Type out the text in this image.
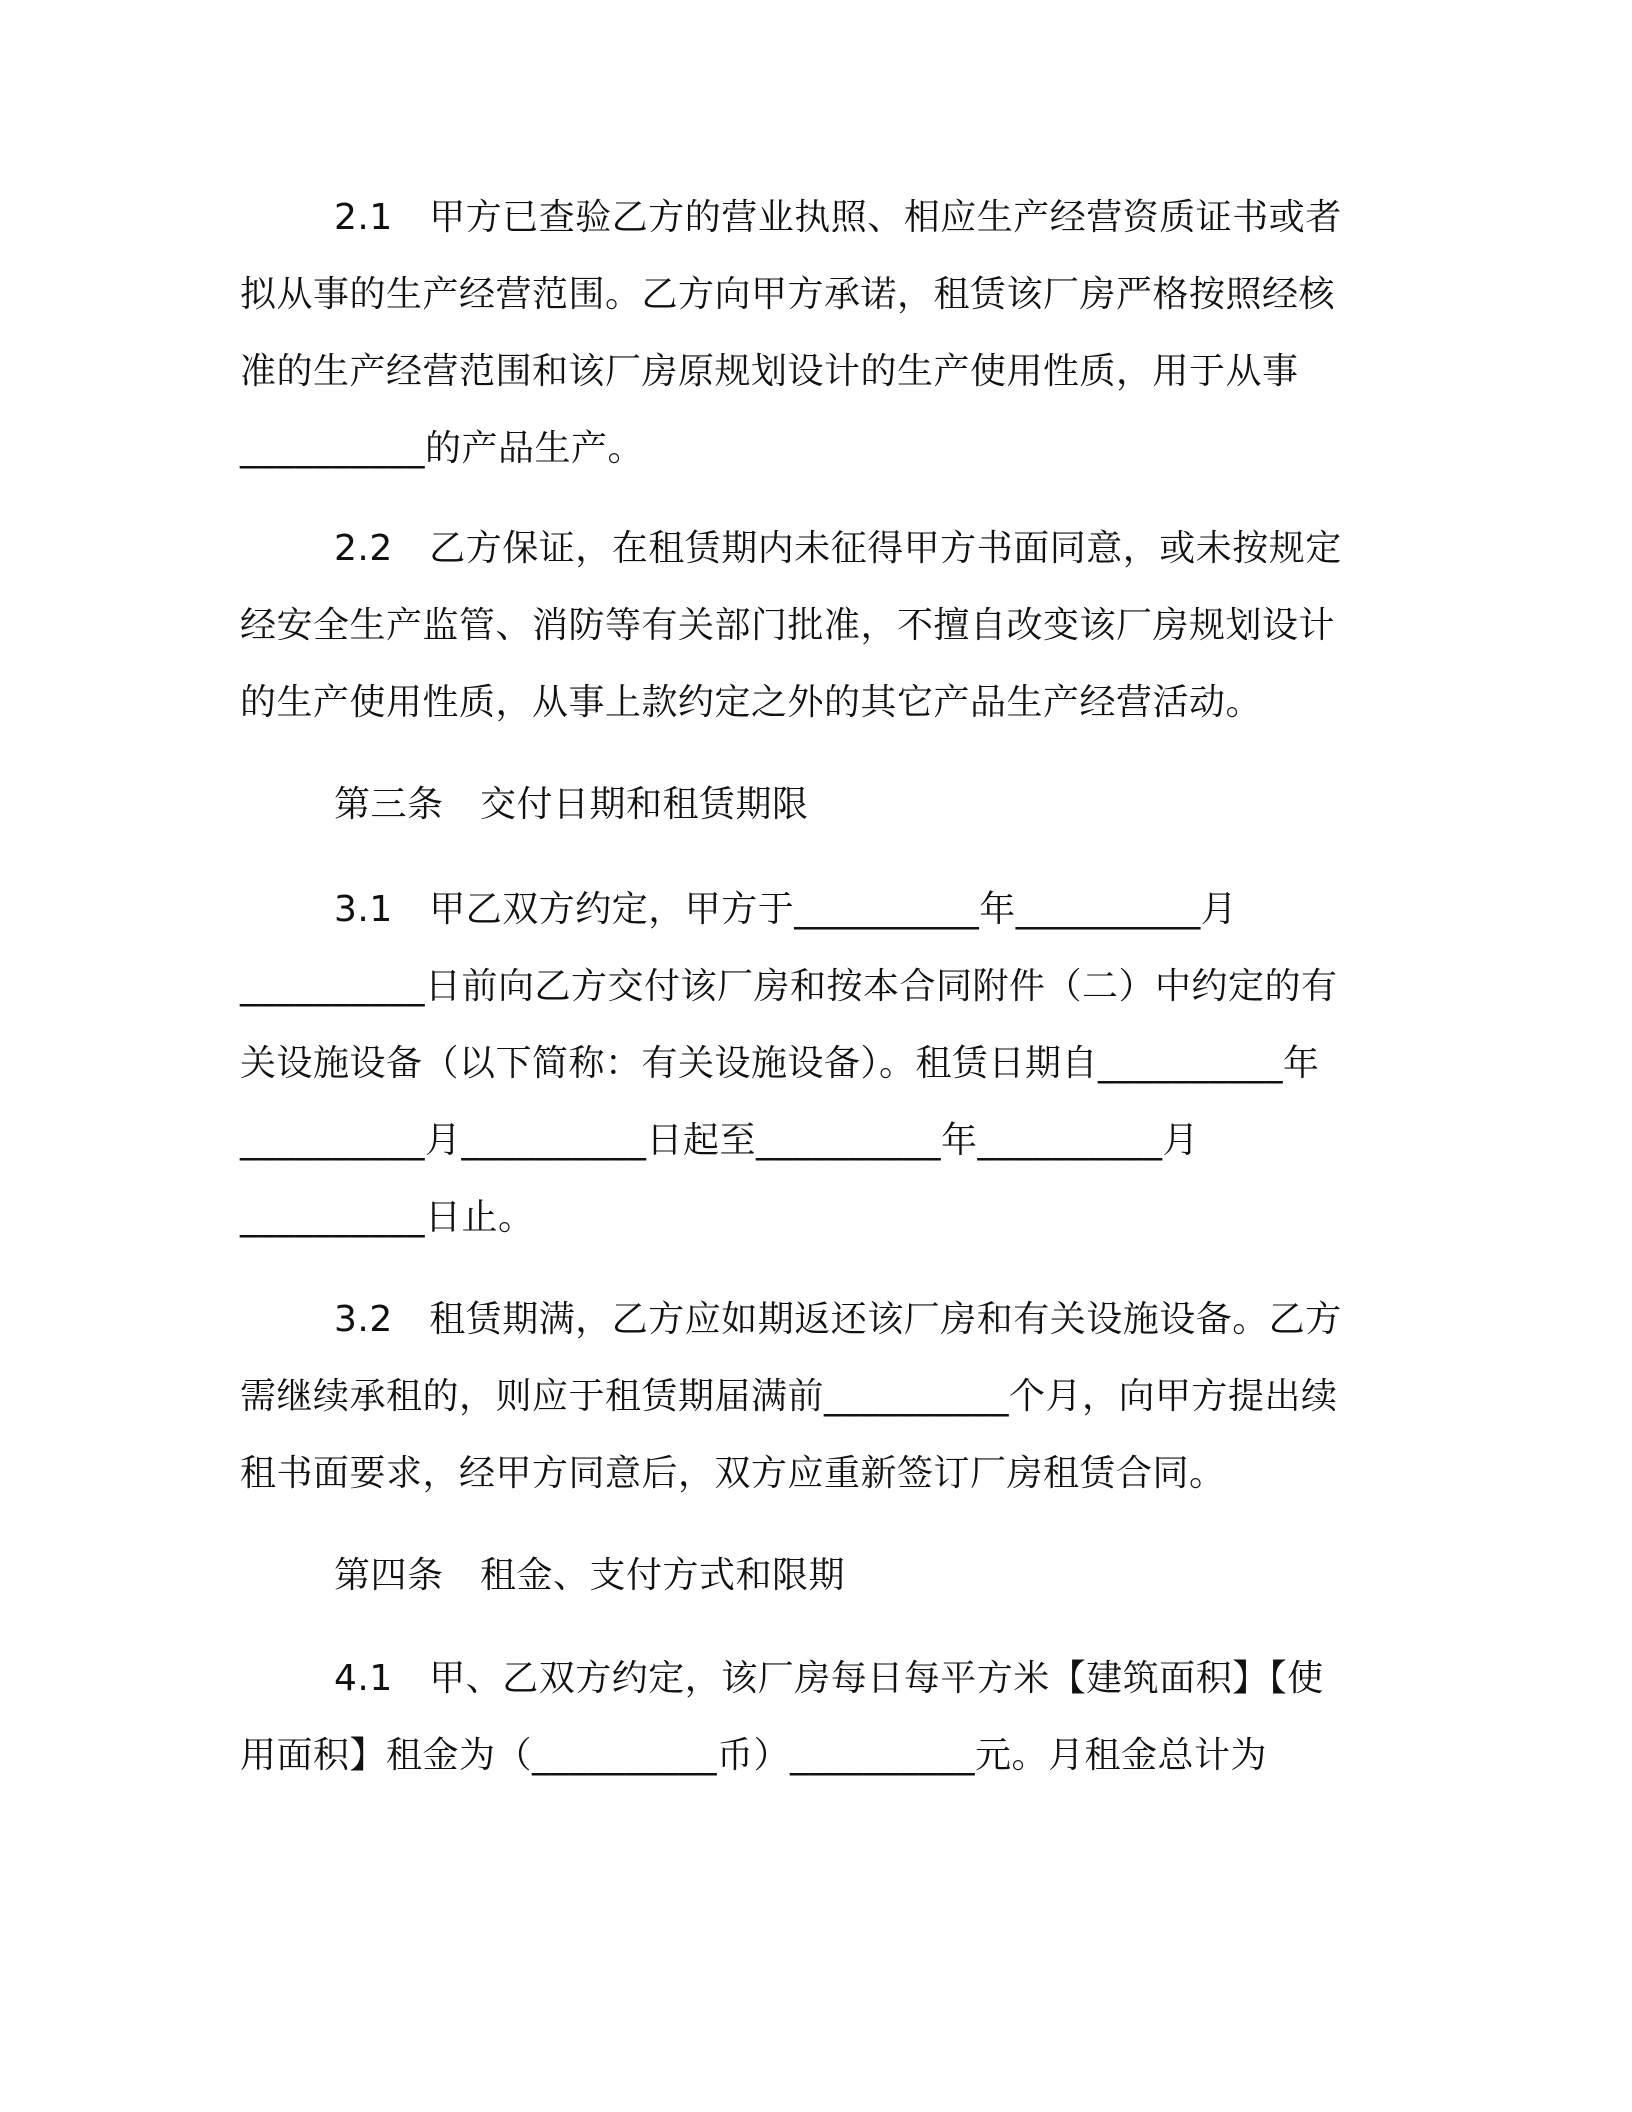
2.1　甲方已查验乙方的营业执照、相应生产经营资质证书或者
拟从事的生产经营范围。乙方向甲方承诺，租赁该厂房严格按照经核
准的生产经营范围和该厂房原规划设计的生产使用性质，用于从事
__________的产品生产。
2.2　乙方保证，在租赁期内未征得甲方书面同意，或未按规定
经安全生产监管、消防等有关部门批准，不擅自改变该厂房规划设计
的生产使用性质，从事上款约定之外的其它产品生产经营活动。
第三条　交付日期和租赁期限
3.1　甲乙双方约定，甲方于__________年__________月
__________日前向乙方交付该厂房和按本合同附件（二）中约定的有
关设施设备（以下简称：有关设施设备）。租赁日期自__________年
__________月__________日起至__________年__________月
__________日止。
3.2　租赁期满，乙方应如期返还该厂房和有关设施设备。乙方
需继续承租的，则应于租赁期届满前__________个月，向甲方提出续
租书面要求，经甲方同意后，双方应重新签订厂房租赁合同。
第四条　租金、支付方式和限期
4.1　甲、乙双方约定，该厂房每日每平方米【建筑面积】【使
用面积】租金为（__________币）__________元。月租金总计为
